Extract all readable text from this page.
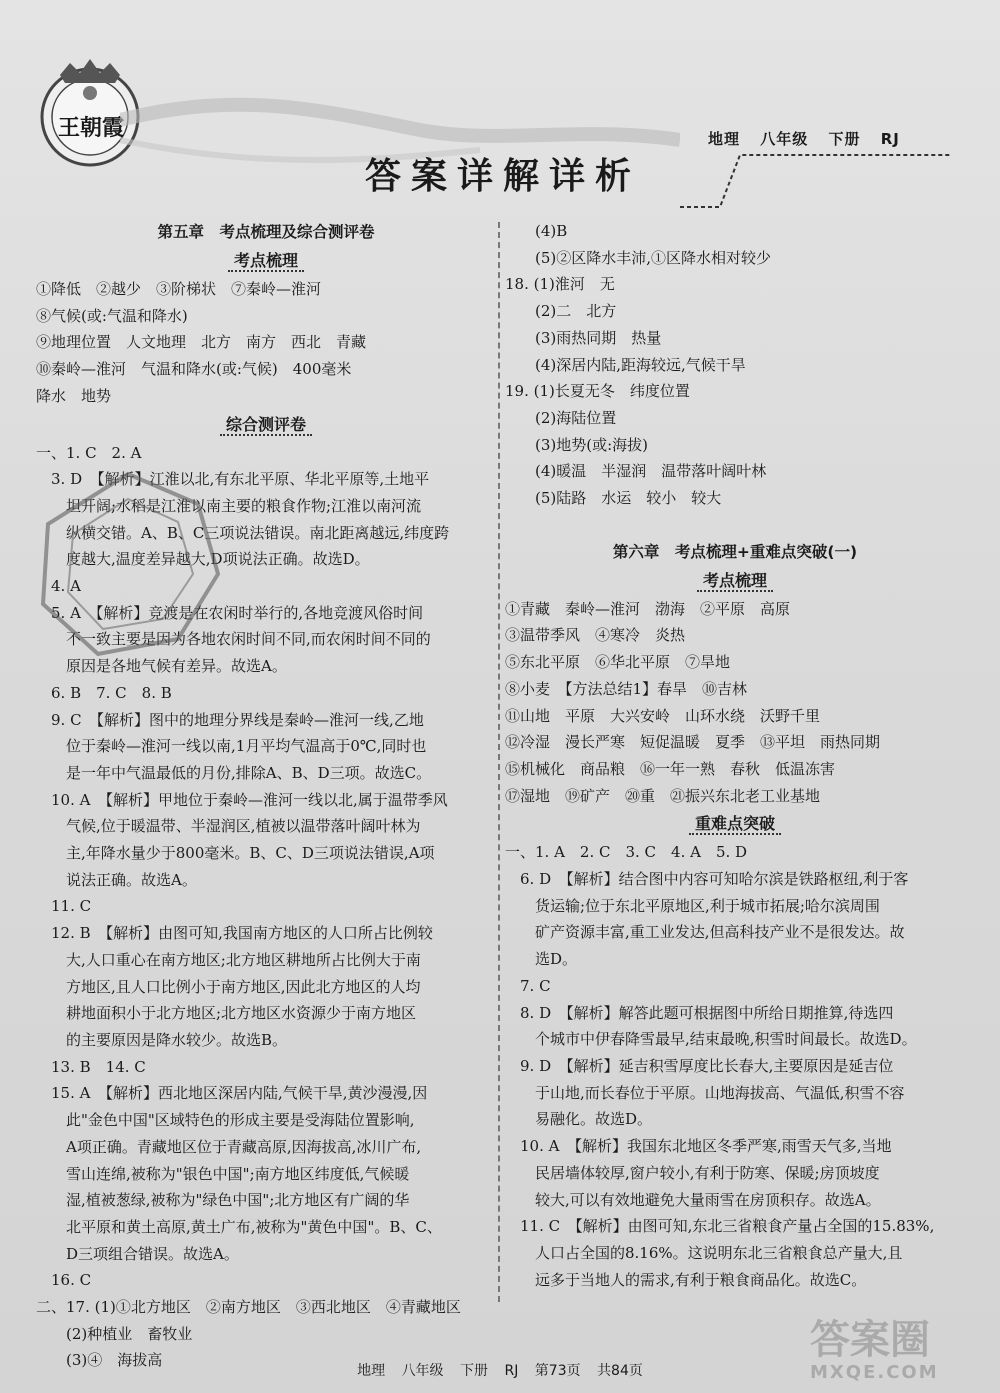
王朝霞	地理 八年级 下册 RJ
答案详解详析
第五章　考点梳理及综合测评卷
考点梳理
①降低　②越少　③阶梯状　⑦秦岭—淮河
⑧气候(或:气温和降水)
⑨地理位置　人文地理　北方　南方　西北　青藏
⑩秦岭—淮河　气温和降水(或:气候)　400毫米
降水　地势
综合测评卷
一、1. C　2. A
　3. D　【解析】江淮以北,有东北平原、华北平原等,土地平
坦开阔;水稻是江淮以南主要的粮食作物;江淮以南河流
纵横交错。A、B、C三项说法错误。南北距离越远,纬度跨
度越大,温度差异越大,D项说法正确。故选D。
　4. A
　5. A　【解析】竞渡是在农闲时举行的,各地竞渡风俗时间
不一致主要是因为各地农闲时间不同,而农闲时间不同的
原因是各地气候有差异。故选A。
　6. B　7. C　8. B
　9. C　【解析】图中的地理分界线是秦岭—淮河一线,乙地
位于秦岭—淮河一线以南,1月平均气温高于0℃,同时也
是一年中气温最低的月份,排除A、B、D三项。故选C。
　10. A　【解析】甲地位于秦岭—淮河一线以北,属于温带季风
气候,位于暖温带、半湿润区,植被以温带落叶阔叶林为
主,年降水量少于800毫米。B、C、D三项说法错误,A项
说法正确。故选A。
　11. C
　12. B　【解析】由图可知,我国南方地区的人口所占比例较
大,人口重心在南方地区;北方地区耕地所占比例大于南
方地区,且人口比例小于南方地区,因此北方地区的人均
耕地面积小于北方地区;北方地区水资源少于南方地区
的主要原因是降水较少。故选B。
　13. B　14. C
　15. A　【解析】西北地区深居内陆,气候干旱,黄沙漫漫,因
此"金色中国"区域特色的形成主要是受海陆位置影响,
A项正确。青藏地区位于青藏高原,因海拔高,冰川广布,
雪山连绵,被称为"银色中国";南方地区纬度低,气候暖
湿,植被葱绿,被称为"绿色中国";北方地区有广阔的华
北平原和黄土高原,黄土广布,被称为"黄色中国"。B、C、
D三项组合错误。故选A。
　16. C
二、17. (1)①北方地区　②南方地区　③西北地区　④青藏地区
(2)种植业　畜牧业
(3)④　海拔高
(4)B
(5)②区降水丰沛,①区降水相对较少
18. (1)淮河　无
(2)二　北方
(3)雨热同期　热量
(4)深居内陆,距海较远,气候干旱
19. (1)长夏无冬　纬度位置
(2)海陆位置
(3)地势(或:海拔)
(4)暖温　半湿润　温带落叶阔叶林
(5)陆路　水运　较小　较大
第六章　考点梳理+重难点突破(一)
考点梳理
①青藏　秦岭—淮河　渤海　②平原　高原
③温带季风　④寒冷　炎热
⑤东北平原　⑥华北平原　⑦旱地
⑧小麦　【方法总结1】春旱　⑩吉林
⑪山地　平原　大兴安岭　山环水绕　沃野千里
⑫冷湿　漫长严寒　短促温暖　夏季　⑬平坦　雨热同期
⑮机械化　商品粮　⑯一年一熟　春秋　低温冻害
⑰湿地　⑲矿产　⑳重　㉑振兴东北老工业基地
重难点突破
一、1. A　2. C　3. C　4. A　5. D
　6. D　【解析】结合图中内容可知哈尔滨是铁路枢纽,利于客
货运输;位于东北平原地区,利于城市拓展;哈尔滨周围
矿产资源丰富,重工业发达,但高科技产业不是很发达。故
选D。
　7. C
　8. D　【解析】解答此题可根据图中所给日期推算,待选四
个城市中伊春降雪最早,结束最晚,积雪时间最长。故选D。
　9. D　【解析】延吉积雪厚度比长春大,主要原因是延吉位
于山地,而长春位于平原。山地海拔高、气温低,积雪不容
易融化。故选D。
　10. A　【解析】我国东北地区冬季严寒,雨雪天气多,当地
民居墙体较厚,窗户较小,有利于防寒、保暖;房顶坡度
较大,可以有效地避免大量雨雪在房顶积存。故选A。
　11. C　【解析】由图可知,东北三省粮食产量占全国的15.83%,
人口占全国的8.16%。这说明东北三省粮食总产量大,且
远多于当地人的需求,有利于粮食商品化。故选C。
地理 八年级 下册 RJ 第73页 共84页
答案圈
MXQE.COM
